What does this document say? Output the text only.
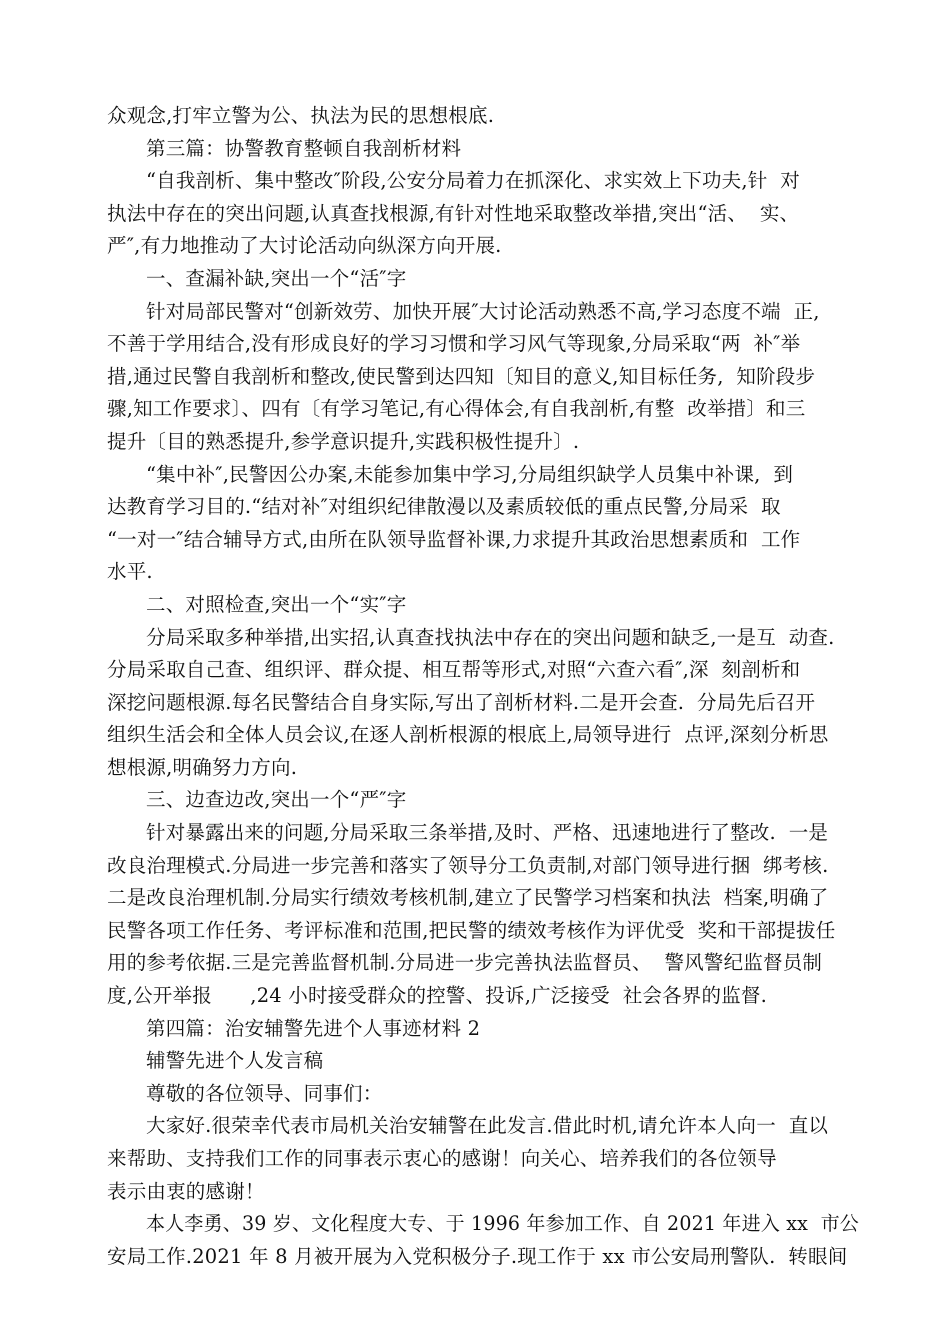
众观念,打牢立警为公、执法为民的思想根底.
第三篇：协警教育整顿自我剖析材料
“自我剖析、集中整改″阶段,公安分局着力在抓深化、求实效上下功夫,针  对
执法中存在的突出问题,认真查找根源,有针对性地采取整改举措,突出“活、  实、
严″,有力地推动了大讨论活动向纵深方向开展.
一、查漏补缺,突出一个“活″字
针对局部民警对“创新效劳、加快开展″大讨论活动熟悉不高,学习态度不端  正,
不善于学用结合,没有形成良好的学习习惯和学习风气等现象,分局采取“两  补″举
措,通过民警自我剖析和整改,使民警到达四知〔知目的意义,知目标任务,  知阶段步
骤,知工作要求〕、四有〔有学习笔记,有心得体会,有自我剖析,有整  改举措〕和三
提升〔目的熟悉提升,参学意识提升,实践积极性提升〕.
“集中补″,民警因公办案,未能参加集中学习,分局组织缺学人员集中补课,  到
达教育学习目的.“结对补″对组织纪律散漫以及素质较低的重点民警,分局采  取
“一对一″结合辅导方式,由所在队领导监督补课,力求提升其政治思想素质和  工作
水平.
二、对照检查,突出一个“实″字
分局采取多种举措,出实招,认真查找执法中存在的突出问题和缺乏,一是互  动查.
分局采取自己查、组织评、群众提、相互帮等形式,对照“六查六看″,深  刻剖析和
深挖问题根源.每名民警结合自身实际,写出了剖析材料.二是开会查.  分局先后召开
组织生活会和全体人员会议,在逐人剖析根源的根底上,局领导进行  点评,深刻分析思
想根源,明确努力方向.
三、边查边改,突出一个“严″字
针对暴露出来的问题,分局采取三条举措,及时、严格、迅速地进行了整改.  一是
改良治理模式.分局进一步完善和落实了领导分工负责制,对部门领导进行捆  绑考核.
二是改良治理机制.分局实行绩效考核机制,建立了民警学习档案和执法  档案,明确了
民警各项工作任务、考评标准和范围,把民警的绩效考核作为评优受  奖和干部提拔任
用的参考依据.三是完善监督机制.分局进一步完善执法监督员、  警风警纪监督员制
度,公开举报      ,24 小时接受群众的控警、投诉,广泛接受  社会各界的监督.
第四篇：治安辅警先进个人事迹材料 2
辅警先进个人发言稿
尊敬的各位领导、同事们：
大家好.很荣幸代表市局机关治安辅警在此发言.借此时机,请允许本人向一  直以
来帮助、支持我们工作的同事表示衷心的感谢！向关心、培养我们的各位领导
表示由衷的感谢！
本人李勇、39 岁、文化程度大专、于 1996 年参加工作、自 2021 年进入 xx  市公
安局工作.2021 年 8 月被开展为入党积极分子.现工作于 xx 市公安局刑警队.  转眼间
